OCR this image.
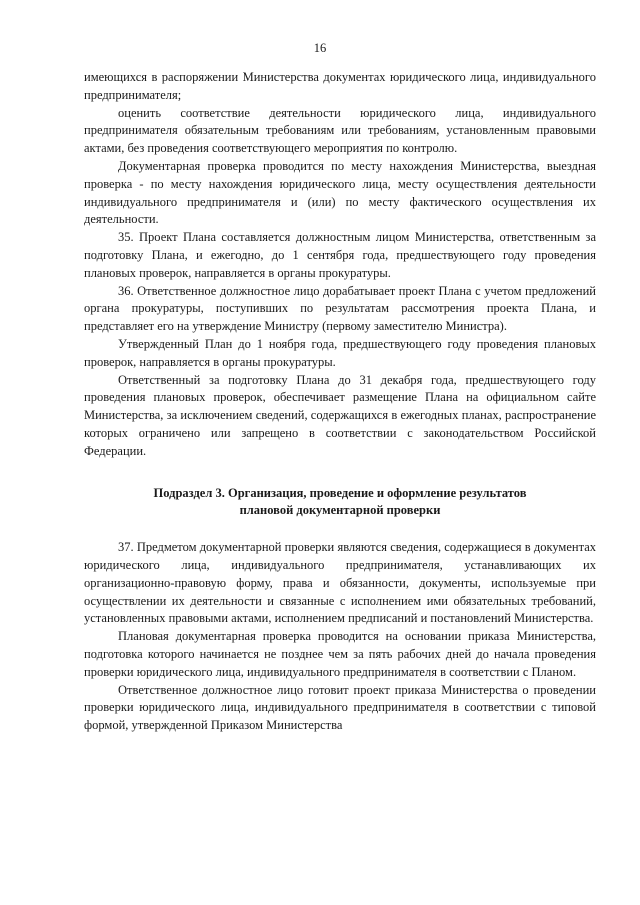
16

имеющихся в распоряжении Министерства документах юридического лица, индивидуального предпринимателя;

оценить соответствие деятельности юридического лица, индивидуального предпринимателя обязательным требованиям или требованиям, установленным правовыми актами, без проведения соответствующего мероприятия по контролю.

Документарная проверка проводится по месту нахождения Министерства, выездная проверка - по месту нахождения юридического лица, месту осуществления деятельности индивидуального предпринимателя и (или) по месту фактического осуществления их деятельности.

35. Проект Плана составляется должностным лицом Министерства, ответственным за подготовку Плана, и ежегодно, до 1 сентября года, предшествующего году проведения плановых проверок, направляется в органы прокуратуры.

36. Ответственное должностное лицо дорабатывает проект Плана с учетом предложений органа прокуратуры, поступивших по результатам рассмотрения проекта Плана, и представляет его на утверждение Министру (первому заместителю Министра).

Утвержденный План до 1 ноября года, предшествующего году проведения плановых проверок, направляется в органы прокуратуры.

Ответственный за подготовку Плана до 31 декабря года, предшествующего году проведения плановых проверок, обеспечивает размещение Плана на официальном сайте Министерства, за исключением сведений, содержащихся в ежегодных планах, распространение которых ограничено или запрещено в соответствии с законодательством Российской Федерации.

Подраздел 3. Организация, проведение и оформление результатов
плановой документарной проверки

37. Предметом документарной проверки являются сведения, содержащиеся в документах юридического лица, индивидуального предпринимателя, устанавливающих их организационно-правовую форму, права и обязанности, документы, используемые при осуществлении их деятельности и связанные с исполнением ими обязательных требований, установленных правовыми актами, исполнением предписаний и постановлений Министерства.

Плановая документарная проверка проводится на основании приказа Министерства, подготовка которого начинается не позднее чем за пять рабочих дней до начала проведения проверки юридического лица, индивидуального предпринимателя в соответствии с Планом.

Ответственное должностное лицо готовит проект приказа Министерства о проведении проверки юридического лица, индивидуального предпринимателя в соответствии с типовой формой, утвержденной Приказом Министерства
